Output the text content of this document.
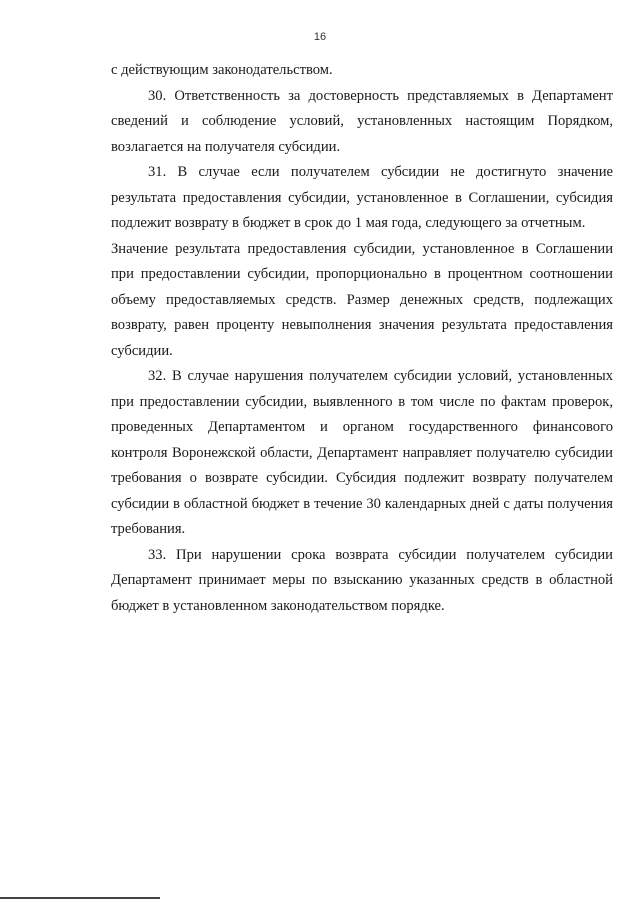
16

с действующим законодательством.

30. Ответственность за достоверность представляемых в Департамент сведений и соблюдение условий, установленных настоящим Порядком, возлагается на получателя субсидии.

31. В случае если получателем субсидии не достигнуто значение результата предоставления субсидии, установленное в Соглашении, субсидия подлежит возврату в бюджет в срок до 1 мая года, следующего за отчетным.

Значение результата предоставления субсидии, установленное в Соглашении при предоставлении субсидии, пропорционально в процентном соотношении объему предоставляемых средств. Размер денежных средств, подлежащих возврату, равен проценту невыполнения значения результата предоставления субсидии.

32. В случае нарушения получателем субсидии условий, установленных при предоставлении субсидии, выявленного в том числе по фактам проверок, проведенных Департаментом и органом государственного финансового контроля Воронежской области, Департамент направляет получателю субсидии требования о возврате субсидии. Субсидия подлежит возврату получателем субсидии в областной бюджет в течение 30 календарных дней с даты получения требования.

33. При нарушении срока возврата субсидии получателем субсидии Департамент принимает меры по взысканию указанных средств в областной бюджет в установленном законодательством порядке.
